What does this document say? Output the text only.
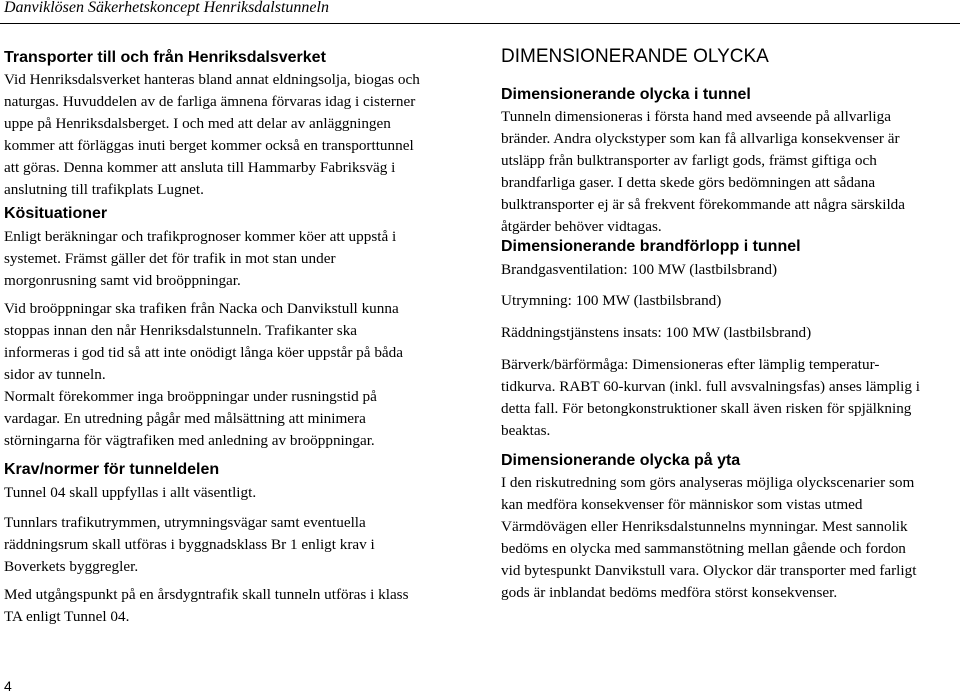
Danviklösen Säkerhetskoncept Henriksdalstunneln
Transporter till och från Henriksdalsverket
Vid Henriksdalsverket hanteras bland annat eldningsolja, biogas och
naturgas. Huvuddelen av de farliga ämnena förvaras idag i cisterner
uppe på Henriksdalsberget. I och med att delar av anläggningen
kommer att förläggas inuti berget kommer också en transporttunnel
att göras. Denna kommer att ansluta till Hammarby Fabriksväg i
anslutning till trafikplats Lugnet.
Kösituationer
Enligt beräkningar och trafikprognoser kommer köer att uppstå i
systemet. Främst gäller det för trafik in mot stan under
morgonrusning samt vid broöppningar.
Vid broöppningar ska trafiken från Nacka och Danvikstull kunna
stoppas innan den når Henriksdalstunneln. Trafikanter ska
informeras i god tid så att inte onödigt långa köer uppstår på båda
sidor av tunneln.
Normalt förekommer inga broöppningar under rusningstid på
vardagar. En utredning pågår med målsättning att minimera
störningarna för vägtrafiken med anledning av broöppningar.
Krav/normer för tunneldelen
Tunnel 04 skall uppfyllas i allt väsentligt.
Tunnlars trafikutrymmen, utrymningsvägar samt eventuella
räddningsrum skall utföras i byggnadsklass Br 1 enligt krav i
Boverkets byggregler.
Med utgångspunkt på en årsdygntrafik skall tunneln utföras i klass
TA enligt Tunnel 04.
DIMENSIONERANDE OLYCKA
Dimensionerande olycka i tunnel
Tunneln dimensioneras i första hand med avseende på allvarliga
bränder. Andra olyckstyper som kan få allvarliga konsekvenser är
utsläpp från bulktransporter av farligt gods, främst giftiga och
brandfarliga gaser. I detta skede görs bedömningen att sådana
bulktransporter ej är så frekvent förekommande att några särskilda
åtgärder behöver vidtagas.
Dimensionerande brandförlopp i tunnel
Brandgasventilation: 100 MW (lastbilsbrand)
Utrymning: 100 MW (lastbilsbrand)
Räddningstjänstens insats: 100 MW (lastbilsbrand)
Bärverk/bärförmåga: Dimensioneras efter lämplig temperatur-
tidkurva. RABT 60-kurvan (inkl. full avsvalningsfas) anses lämplig i
detta fall. För betongkonstruktioner skall även risken för spjälkning
beaktas.
Dimensionerande olycka på yta
I den riskutredning som görs analyseras möjliga olyckscenarier som
kan medföra konsekvenser för människor som vistas utmed
Värmdövägen eller Henriksdalstunnelns mynningar. Mest sannolik
bedöms en olycka med sammanstötning mellan gående och fordon
vid bytespunkt Danvikstull vara. Olyckor där transporter med farligt
gods är inblandat bedöms medföra störst konsekvenser.
4
